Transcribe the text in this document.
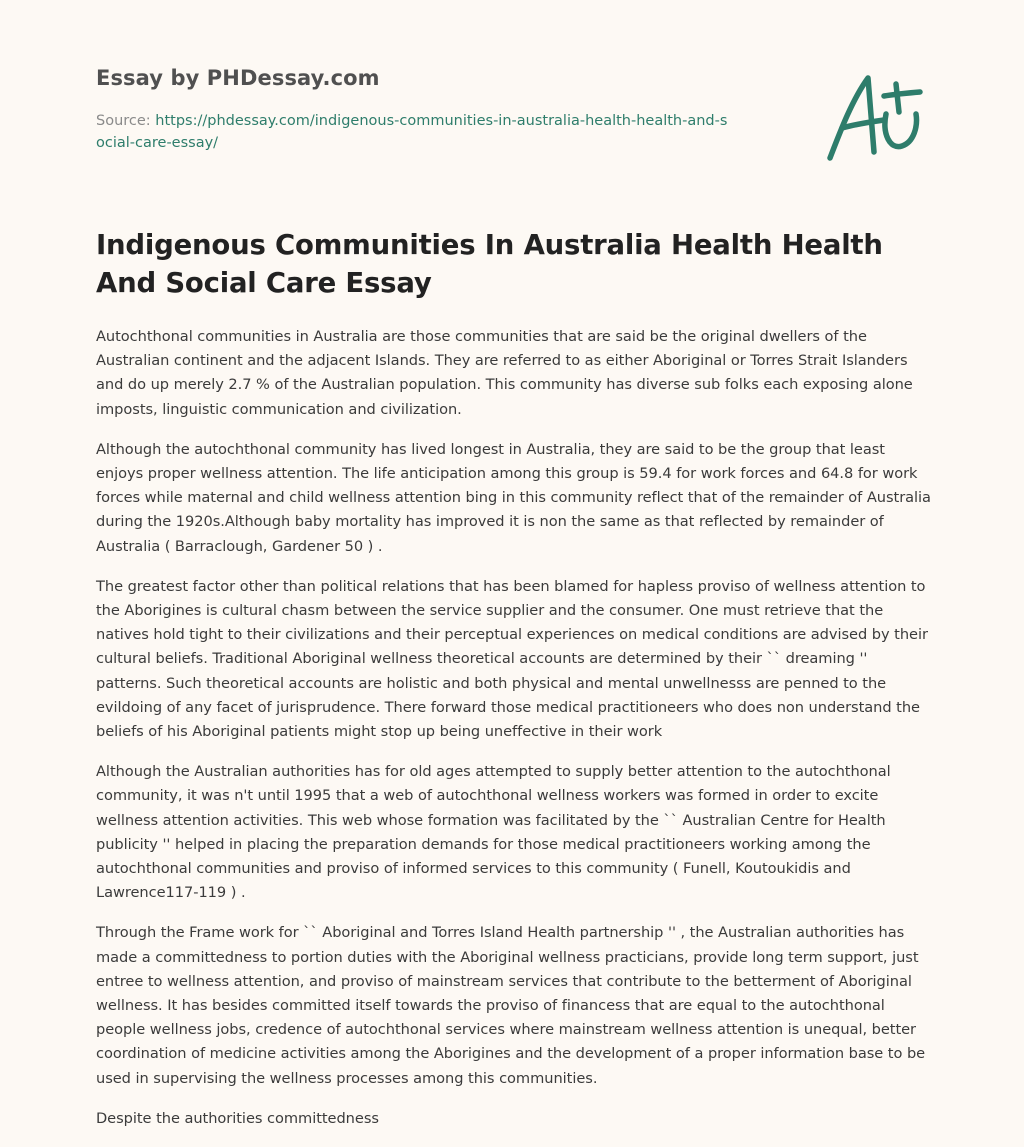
Essay by PHDessay.com

Source: https://phdessay.com/indigenous-communities-in-australia-health-health-and-social-care-essay/

Indigenous Communities In Australia Health Health And Social Care Essay

Autochthonal communities in Australia are those communities that are said be the original dwellers of the Australian continent and the adjacent Islands. They are referred to as either Aboriginal or Torres Strait Islanders and do up merely 2.7 % of the Australian population. This community has diverse sub folks each exposing alone imposts, linguistic communication and civilization.

Although the autochthonal community has lived longest in Australia, they are said to be the group that least enjoys proper wellness attention. The life anticipation among this group is 59.4 for work forces and 64.8 for work forces while maternal and child wellness attention bing in this community reflect that of the remainder of Australia during the 1920s.Although baby mortality has improved it is non the same as that reflected by remainder of Australia ( Barraclough, Gardener 50 ) .

The greatest factor other than political relations that has been blamed for hapless proviso of wellness attention to the Aborigines is cultural chasm between the service supplier and the consumer. One must retrieve that the natives hold tight to their civilizations and their perceptual experiences on medical conditions are advised by their cultural beliefs. Traditional Aboriginal wellness theoretical accounts are determined by their `` dreaming '' patterns. Such theoretical accounts are holistic and both physical and mental unwellnesss are penned to the evildoing of any facet of jurisprudence. There forward those medical practitioneers who does non understand the beliefs of his Aboriginal patients might stop up being uneffective in their work

Although the Australian authorities has for old ages attempted to supply better attention to the autochthonal community, it was n't until 1995 that a web of autochthonal wellness workers was formed in order to excite wellness attention activities. This web whose formation was facilitated by the `` Australian Centre for Health publicity '' helped in placing the preparation demands for those medical practitioneers working among the autochthonal communities and proviso of informed services to this community ( Funell, Koutoukidis and Lawrence117-119 ) .

Through the Frame work for `` Aboriginal and Torres Island Health partnership '' , the Australian authorities has made a committedness to portion duties with the Aboriginal wellness practicians, provide long term support, just entree to wellness attention, and proviso of mainstream services that contribute to the betterment of Aboriginal wellness. It has besides committed itself towards the proviso of financess that are equal to the autochthonal people wellness jobs, credence of autochthonal services where mainstream wellness attention is unequal, better coordination of medicine activities among the Aborigines and the development of a proper information base to be used in supervising the wellness processes among this communities.

Despite the authorities committedness
